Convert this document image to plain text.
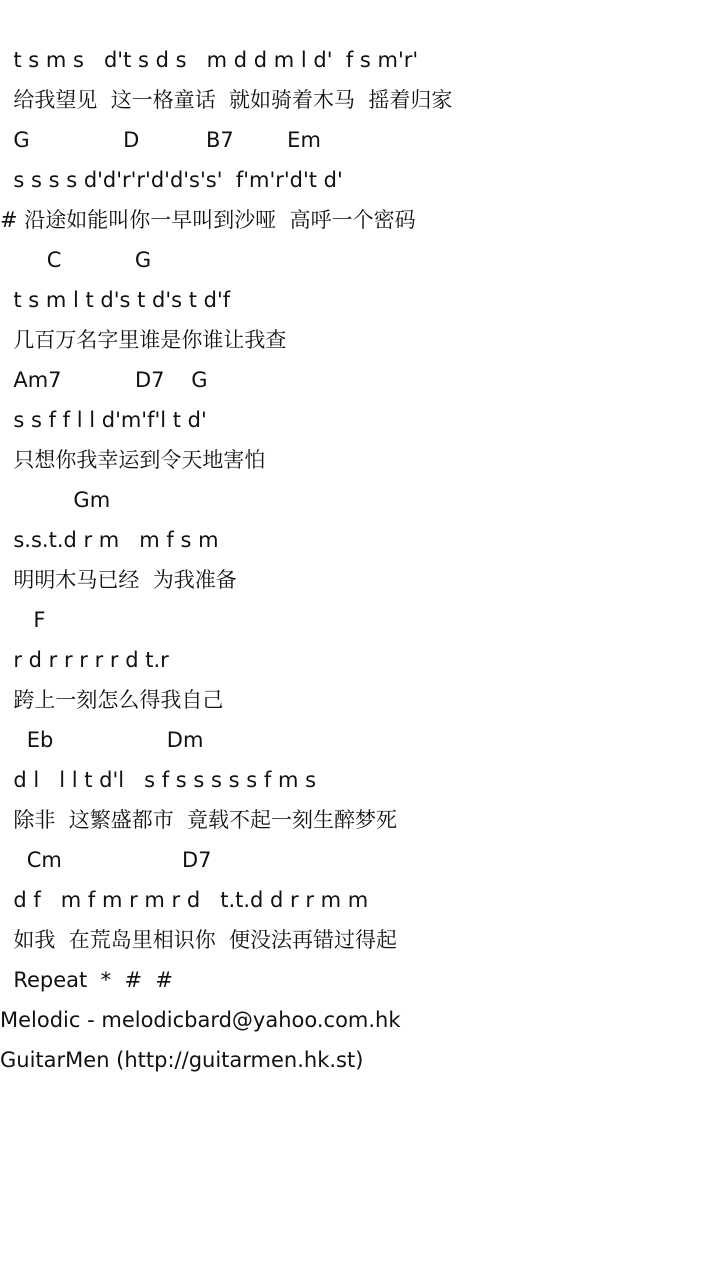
t s m s   d't s d s   m d d m l d'  f s m'r'
给我望见  这一格童话  就如骑着木马  摇着归家
G              D          B7        Em
s s s s d'd'r'r'd'd's's'  f'm'r'd't d'
# 沿途如能叫你一早叫到沙哑  高呼一个密码
C           G
t s m l t d's t d's t d'f
几百万名字里谁是你谁让我查
Am7           D7    G
s s f f l l d'm'f'l t d'
只想你我幸运到令天地害怕
Gm
s.s.t.d r m   m f s m
明明木马已经  为我准备
F
r d r r r r r d t.r
跨上一刻怎么得我自己
Eb                 Dm
d l   l l t d'l   s f s s s s s f m s
除非  这繁盛都市  竟载不起一刻生醉梦死
Cm                  D7
d f   m f m r m r d   t.t.d d r r m m
如我  在荒岛里相识你  便没法再错过得起
Repeat  *  #  #
Melodic - melodicbard@yahoo.com.hk
GuitarMen (http://guitarmen.hk.st)
